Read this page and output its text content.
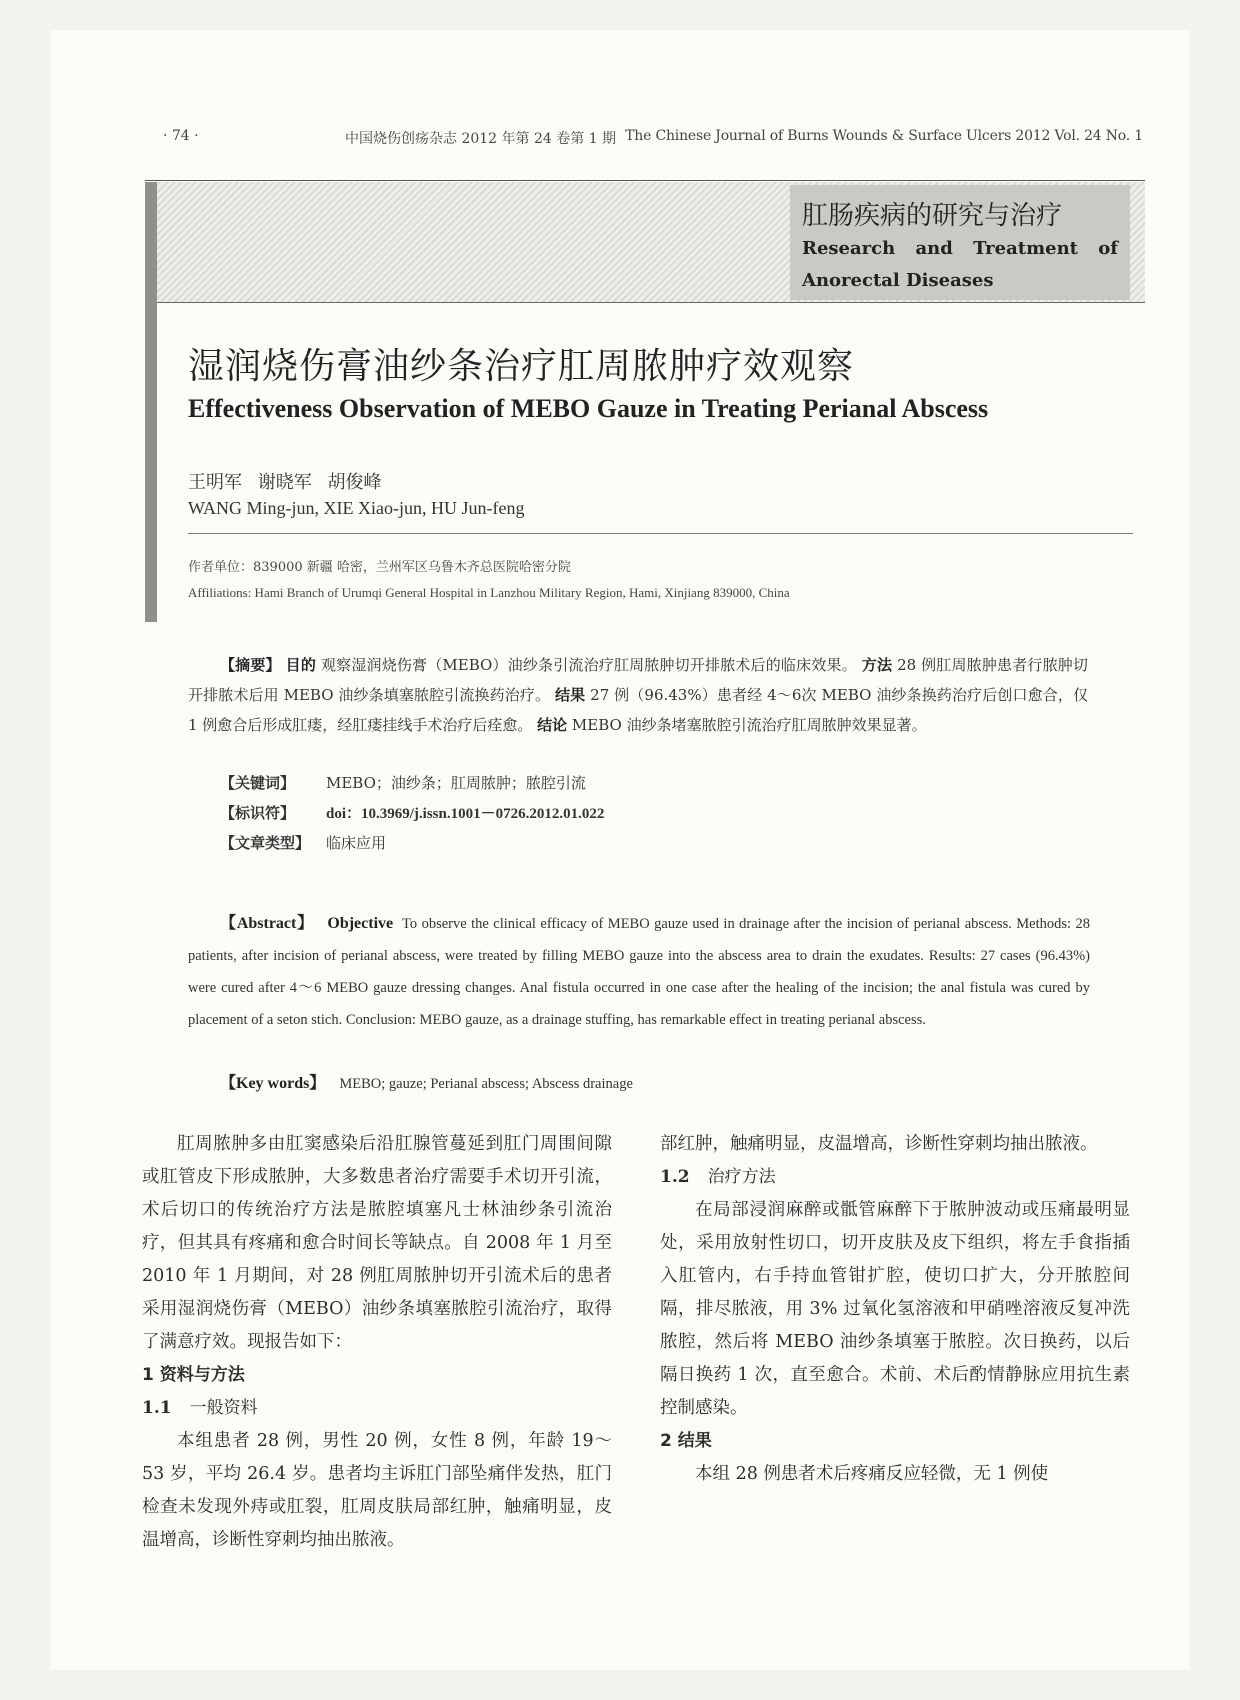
· 74 ·	中国烧伤创疡杂志 2012 年第 24 卷第 1 期 The Chinese Journal of Burns Wounds & Surface Ulcers 2012 Vol. 24 No. 1
肛肠疾病的研究与治疗
Research and Treatment of Anorectal Diseases
湿润烧伤膏油纱条治疗肛周脓肿疗效观察
Effectiveness Observation of MEBO Gauze in Treating Perianal Abscess
王明军 谢晓军 胡俊峰
WANG Ming-jun, XIE Xiao-jun, HU Jun-feng
作者单位：839000 新疆 哈密，兰州军区乌鲁木齐总医院哈密分院
Affiliations: Hami Branch of Urumqi General Hospital in Lanzhou Military Region, Hami, Xinjiang 839000, China
【摘要】 目的 观察湿润烧伤膏（MEBO）油纱条引流治疗肛周脓肿切开排脓术后的临床效果。 方法 28 例肛周脓肿患者行脓肿切开排脓术后用 MEBO 油纱条填塞脓腔引流换药治疗。 结果 27 例（96.43%）患者经 4～6次 MEBO 油纱条换药治疗后创口愈合，仅 1 例愈合后形成肛瘘，经肛瘘挂线手术治疗后痊愈。 结论 MEBO 油纱条堵塞脓腔引流治疗肛周脓肿效果显著。
【关键词】 MEBO；油纱条；肛周脓肿；脓腔引流
【标识符】 doi：10.3969/j.issn.1001－0726.2012.01.022
【文章类型】 临床应用
【Abstract】 Objective To observe the clinical efficacy of MEBO gauze used in drainage after the incision of perianal abscess. Methods: 28 patients, after incision of perianal abscess, were treated by filling MEBO gauze into the abscess area to drain the exudates. Results: 27 cases (96.43%) were cured after 4～6 MEBO gauze dressing changes. Anal fistula occurred in one case after the healing of the incision; the anal fistula was cured by placement of a seton stich. Conclusion: MEBO gauze, as a drainage stuffing, has remarkable effect in treating perianal abscess.
【Key words】 MEBO; gauze; Perianal abscess; Abscess drainage

肛周脓肿多由肛窦感染后沿肛腺管蔓延到肛门周围间隙或肛管皮下形成脓肿，大多数患者治疗需要手术切开引流，术后切口的传统治疗方法是脓腔填塞凡士林油纱条引流治疗，但其具有疼痛和愈合时间长等缺点。自 2008 年 1 月至 2010 年 1 月期间，对 28 例肛周脓肿切开引流术后的患者采用湿润烧伤膏（MEBO）油纱条填塞脓腔引流治疗，取得了满意疗效。现报告如下：

1 资料与方法

1.1 一般资料

本组患者 28 例，男性 20 例，女性 8 例，年龄 19～53 岁，平均 26.4 岁。患者均主诉肛门部坠痛伴发热，肛门检查未发现外痔或肛裂，肛周皮肤局部红肿，触痛明显，皮温增高，诊断性穿刺均抽出脓液。

部红肿，触痛明显，皮温增高，诊断性穿刺均抽出脓液。

1.2 治疗方法

在局部浸润麻醉或骶管麻醉下于脓肿波动或压痛最明显处，采用放射性切口，切开皮肤及皮下组织，将左手食指插入肛管内，右手持血管钳扩腔，使切口扩大，分开脓腔间隔，排尽脓液，用 3% 过氧化氢溶液和甲硝唑溶液反复冲洗脓腔，然后将 MEBO 油纱条填塞于脓腔。次日换药，以后隔日换药 1 次，直至愈合。术前、术后酌情静脉应用抗生素控制感染。

2 结果

本组 28 例患者术后疼痛反应轻微，无 1 例使
